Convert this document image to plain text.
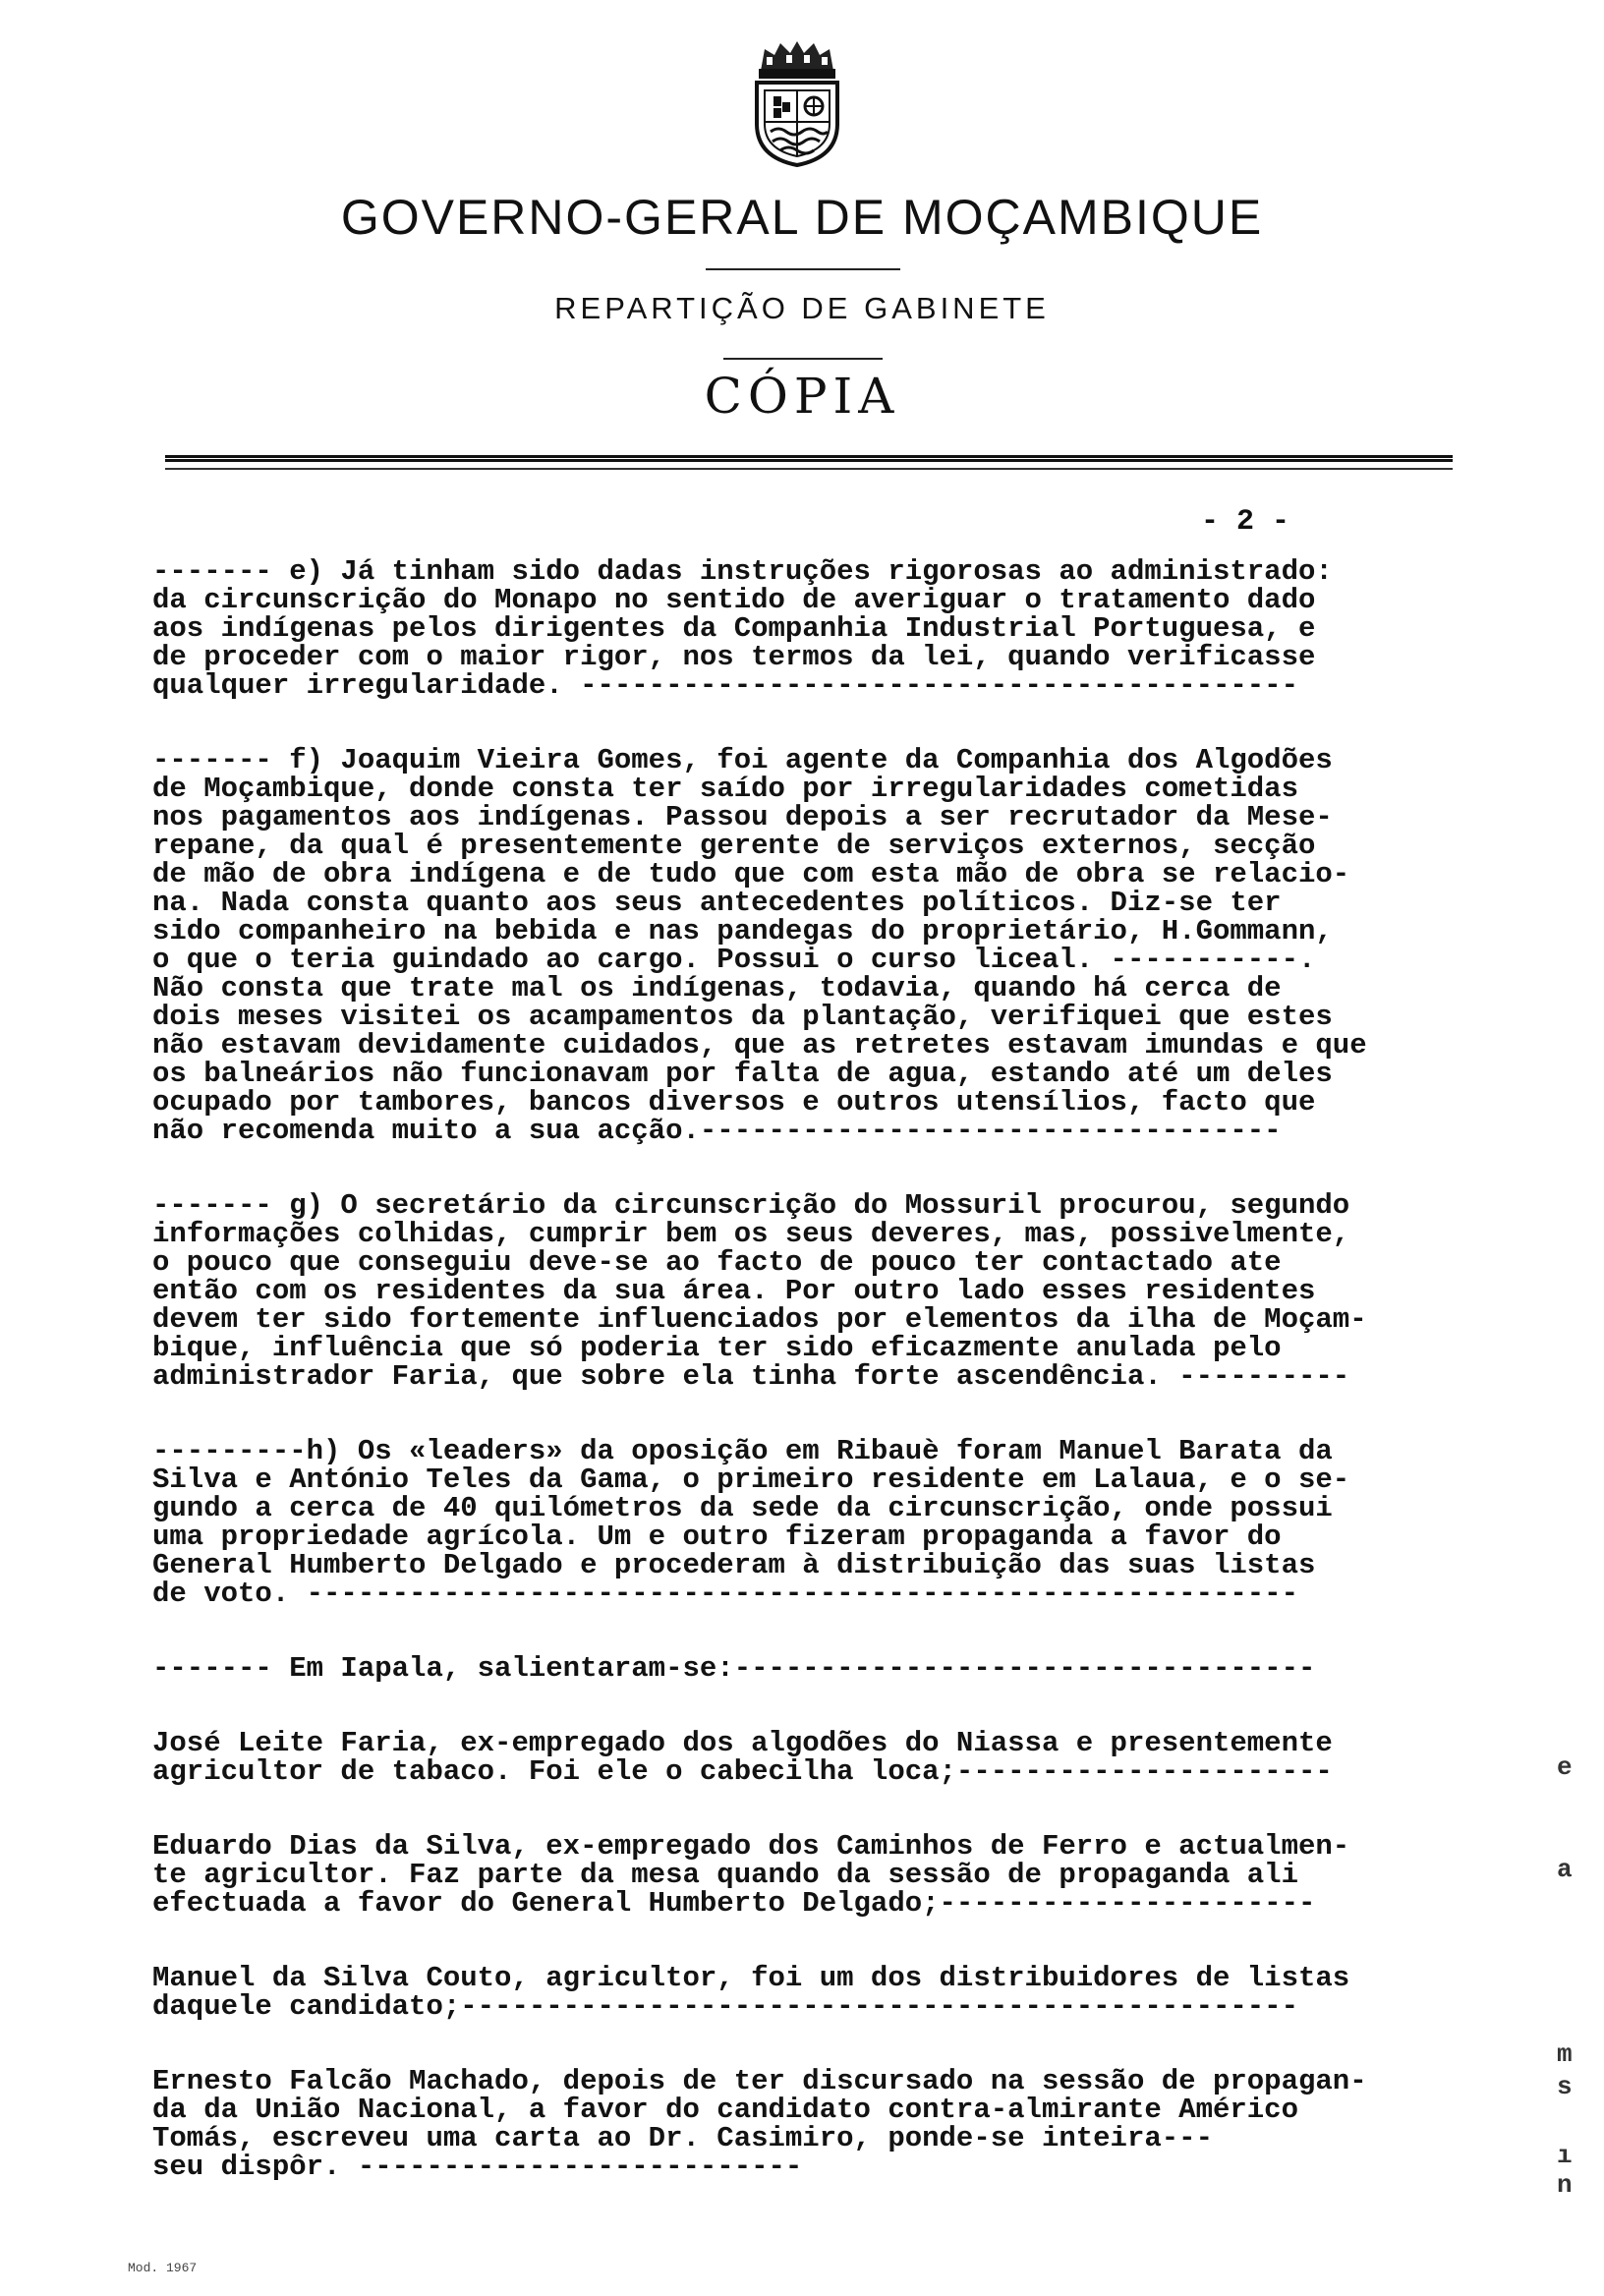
GOVERNO-GERAL DE MOÇAMBIQUE
REPARTIÇÃO DE GABINETE
CÓPIA
- 2 -
------- e) Já tinham sido dadas instruções rigorosas ao administrado:
da circunscrição do Monapo no sentido de averiguar o tratamento dado
aos indígenas pelos dirigentes da Companhia Industrial Portuguesa, e
de proceder com o maior rigor, nos termos da lei, quando verificasse
qualquer irregularidade. ------------------------------------------
------- f) Joaquim Vieira Gomes, foi agente da Companhia dos Algodões
de Moçambique, donde consta ter saído por irregularidades cometidas
nos pagamentos aos indígenas. Passou depois a ser recrutador da Mese-
repane, da qual é presentemente gerente de serviços externos, secção
de mão de obra indígena e de tudo que com esta mão de obra se relacio-
na. Nada consta quanto aos seus antecedentes políticos. Diz-se ter
sido companheiro na bebida e nas pandegas do proprietário, H.Gommann,
o que o teria guindado ao cargo. Possui o curso liceal. -----------.
Não consta que trate mal os indígenas, todavia, quando há cerca de
dois meses visitei os acampamentos da plantação, verifiquei que estes
não estavam devidamente cuidados, que as retretes estavam imundas e que
os balneários não funcionavam por falta de agua, estando até um deles
ocupado por tambores, bancos diversos e outros utensílios, facto que
não recomenda muito a sua acção.----------------------------------
------- g) O secretário da circunscrição do Mossuril procurou, segundo
informações colhidas, cumprir bem os seus deveres, mas, possivelmente,
o pouco que conseguiu deve-se ao facto de pouco ter contactado ate
então com os residentes da sua área. Por outro lado esses residentes
devem ter sido fortemente influenciados por elementos da ilha de Moçam-
bique, influência que só poderia ter sido eficazmente anulada pelo
administrador Faria, que sobre ela tinha forte ascendência. ----------
---------h) Os «leaders» da oposição em Ribauè foram Manuel Barata da
Silva e António Teles da Gama, o primeiro residente em Lalaua, e o se-
gundo a cerca de 40 quilómetros da sede da circunscrição, onde possui
uma propriedade agrícola. Um e outro fizeram propaganda a favor do
General Humberto Delgado e procederam à distribuição das suas listas
de voto. ----------------------------------------------------------
------- Em Iapala, salientaram-se:----------------------------------
José Leite Faria, ex-empregado dos algodões do Niassa e presentemente
agricultor de tabaco. Foi ele o cabecilha loca;----------------------
Eduardo Dias da Silva, ex-empregado dos Caminhos de Ferro e actualmen-
te agricultor. Faz parte da mesa quando da sessão de propaganda ali
efectuada a favor do General Humberto Delgado;----------------------
Manuel da Silva Couto, agricultor, foi um dos distribuidores de listas
daquele candidato;-------------------------------------------------
Ernesto Falcão Machado, depois de ter discursado na sessão de propagan-
da da União Nacional, a favor do candidato contra-almirante Américo
Tomás, escreveu uma carta ao Dr. Casimiro, ponde-se inteira---
seu dispôr. --------------------------
e
a
m
s
ı
n
Mod. 1967
